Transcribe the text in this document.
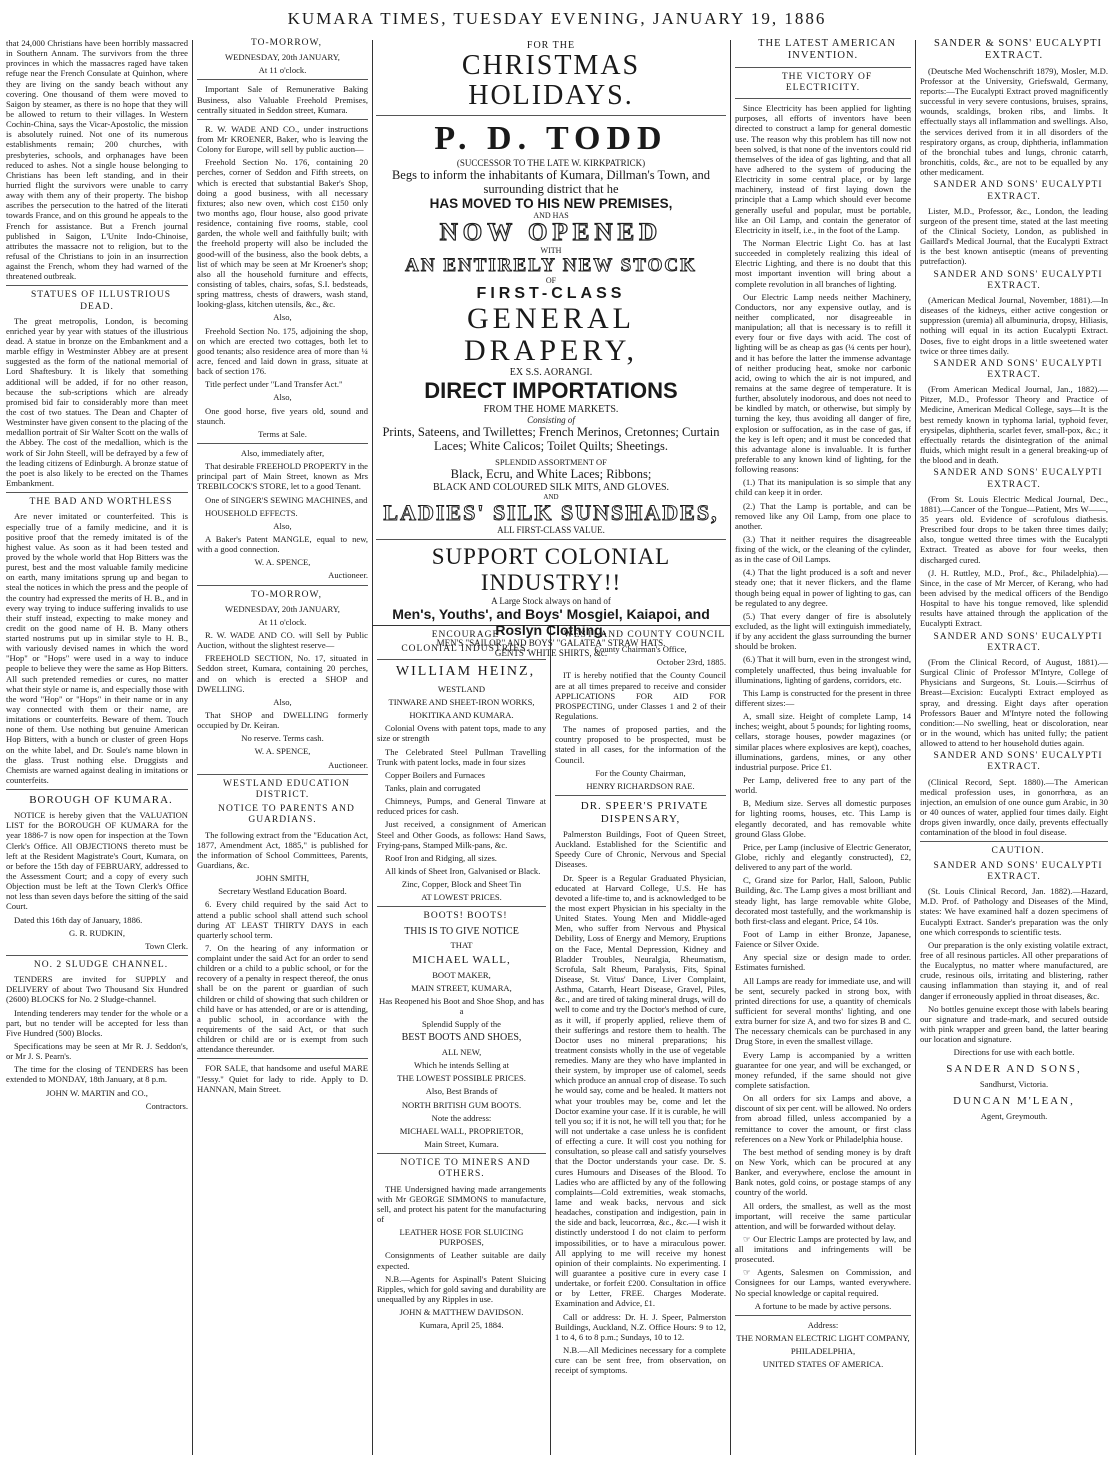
KUMARA TIMES, TUESDAY EVENING, JANUARY 19, 1886

that 24,000 Christians have been horribly massacred in Southern Annam. The survivors from the three provinces in which the massacres raged have taken refuge near the French Consulate at Quinhon, where they are living on the sandy beach without any covering. One thousand of them were moved to Saigon by steamer, as there is no hope that they will be allowed to return to their villages. In Western Cochin-China, says the Vicar-Apostolic, the mission is absolutely ruined. Not one of its numerous establishments remain; 200 churches, with presbyteries, schools, and orphanages have been reduced to ashes. Not a single house belonging to Christians has been left standing, and in their hurried flight the survivors were unable to carry away with them any of their property. The bishop ascribes the persecution to the hatred of the literati towards France, and on this ground he appeals to the French for assistance. But a French journal published in Saigon, L'Unite Indo-Chinoise, attributes the massacre not to religion, but to the refusal of the Christians to join in an insurrection against the French, whom they had warned of the threatened outbreak.

STATUES OF ILLUSTRIOUS DEAD.

The great metropolis, London, is becoming enriched year by year with statues of the illustrious dead. A statue in bronze on the Embankment and a marble effigy in Westminster Abbey are at present suggested as the form of the national memorial of Lord Shaftesbury. It is likely that something additional will be added, if for no other reason, because the sub-scriptions which are already promised bid fair to considerably more than meet the cost of two statues. The Dean and Chapter of Westminster have given consent to the placing of the medallion portrait of Sir Walter Scott on the walls of the Abbey. The cost of the medallion, which is the work of Sir John Steell, will be defrayed by a few of the leading citizens of Edinburgh. A bronze statue of the poet is also likely to be erected on the Thames Embankment.

THE BAD AND WORTHLESS

Are never imitated or counterfeited. This is especially true of a family medicine, and it is positive proof that the remedy imitated is of the highest value. As soon as it had been tested and proved by the whole world that Hop Bitters was the purest, best and the most valuable family medicine on earth, many imitations sprung up and began to steal the notices in which the press and the people of the country had expressed the merits of H. B., and in every way trying to induce suffering invalids to use their stuff instead, expecting to make money and credit on the good name of H. B. Many others started nostrums put up in similar style to H. B., with variously devised names in which the word "Hop" or "Hops" were used in a way to induce people to believe they were the same as Hop Bitters. All such pretended remedies or cures, no matter what their style or name is, and especially those with the word "Hop" or "Hops" in their name or in any way connected with them or their name, are imitations or counterfeits. Beware of them. Touch none of them. Use nothing but genuine American Hop Bitters, with a bunch or cluster of green Hops on the white label, and Dr. Soule's name blown in the glass. Trust nothing else. Druggists and Chemists are warned against dealing in imitations or counterfeits.

BOROUGH OF KUMARA.

NOTICE is hereby given that the VALUATION LIST for the BOROUGH OF KUMARA for the year 1886-7 is now open for inspection at the Town Clerk's Office. All OBJECTIONS thereto must be left at the Resident Magistrate's Court, Kumara, on or before the 15th day of FEBRUARY, addressed to the Assessment Court; and a copy of every such Objection must be left at the Town Clerk's Office not less than seven days before the sitting of the said Court.

Dated this 16th day of January, 1886.

G. R. RUDKIN,

Town Clerk.

NO. 2 SLUDGE CHANNEL.

TENDERS are invited for SUPPLY and DELIVERY of about Two Thousand Six Hundred (2600) BLOCKS for No. 2 Sludge-channel.

Intending tenderers may tender for the whole or a part, but no tender will be accepted for less than Five Hundred (500) Blocks.

Specifications may be seen at Mr R. J. Seddon's, or Mr J. S. Pearn's.

The time for the closing of TENDERS has been extended to MONDAY, 18th January, at 8 p.m.

JOHN W. MARTIN and CO.,

Contractors.

TO-MORROW,

WEDNESDAY, 20th JANUARY,

At 11 o'clock.

Important Sale of Remunerative Baking Business, also Valuable Freehold Premises, centrally situated in Seddon street, Kumara.

R. W. WADE AND CO., under instructions from Mr KROENER, Baker, who is leaving the Colony for Europe, will sell by public auction—

Freehold Section No. 176, containing 20 perches, corner of Seddon and Fifth streets, on which is erected that substantial Baker's Shop, doing a good business, with all necessary fixtures; also new oven, which cost £150 only two months ago, flour house, also good private residence, containing five rooms, stable, cool garden, the whole well and faithfully built; with the freehold property will also be included the good-will of the business, also the book debts, a list of which may be seen at Mr Kroener's shop; also all the household furniture and effects, consisting of tables, chairs, sofas, S.I. bedsteads, spring mattress, chests of drawers, wash stand, looking-glass, kitchen utensils, &c., &c.

Also,

Freehold Section No. 175, adjoining the shop, on which are erected two cottages, both let to good tenants; also residence area of more than ¼ acre, fenced and laid down in grass, situate at back of section 176.

Title perfect under "Land Transfer Act."

Also,

One good horse, five years old, sound and staunch.

Terms at Sale.

Also, immediately after,

That desirable FREEHOLD PROPERTY in the principal part of Main Street, known as Mrs TREBILCOCK'S STORE, let to a good Tenant.

One of SINGER'S SEWING MACHINES, and

HOUSEHOLD EFFECTS.

Also,

A Baker's Patent MANGLE, equal to new, with a good connection.

W. A. SPENCE,

Auctioneer.

TO-MORROW,

WEDNESDAY, 20th JANUARY,

At 11 o'clock.

R. W. WADE AND CO. will Sell by Public Auction, without the slightest reserve—

FREEHOLD SECTION, No. 17, situated in Seddon street, Kumara, containing 20 perches, and on which is erected a SHOP and DWELLING.

Also,

That SHOP and DWELLING formerly occupied by Dr. Keiran.

No reserve. Terms cash.

W. A. SPENCE,

Auctioneer.

WESTLAND EDUCATION DISTRICT.

NOTICE TO PARENTS AND GUARDIANS.

The following extract from the "Education Act, 1877, Amendment Act, 1885," is published for the information of School Committees, Parents, Guardians, &c.

JOHN SMITH,

Secretary Westland Education Board.

6. Every child required by the said Act to attend a public school shall attend such school during AT LEAST THIRTY DAYS in each quarterly school term.

7. On the hearing of any information or complaint under the said Act for an order to send children or a child to a public school, or for the recovery of a penalty in respect thereof, the onus shall be on the parent or guardian of such children or child of showing that such children or child have or has attended, or are or is attending, a public school, in accordance with the requirements of the said Act, or that such children or child are or is exempt from such attendance thereunder.

FOR SALE, that handsome and useful MARE "Jessy." Quiet for lady to ride. Apply to D. HANNAN, Main Street.

FOR THE

CHRISTMAS HOLIDAYS.

P. D. TODD

(SUCCESSOR TO THE LATE W. KIRKPATRICK)

Begs to inform the inhabitants of Kumara, Dillman's Town, and surrounding district that he

HAS MOVED TO HIS NEW PREMISES,

AND HAS

NOW OPENED

WITH

AN ENTIRELY NEW STOCK

OF

FIRST-CLASS

GENERAL DRAPERY,

EX S.S. AORANGI.

DIRECT IMPORTATIONS

FROM THE HOME MARKETS.

Consisting of

Prints, Sateens, and Twillettes; French Merinos, Cretonnes; Curtain Laces; White Calicos; Toilet Quilts; Sheetings.

SPLENDID ASSORTMENT OF

Black, Ecru, and White Laces; Ribbons;

BLACK AND COLOURED SILK MITS, AND GLOVES.

AND

LADIES' SILK SUNSHADES,

ALL FIRST-CLASS VALUE.

SUPPORT COLONIAL INDUSTRY!!

A Large Stock always on hand of

Men's, Youths', and Boys' Mosgiel, Kaiapoi, and Roslyn Clothing.

MEN'S "SAILOR" AND BOYS' "GALATEA" STRAW HATS.

GENTS' WHITE SHIRTS, &c.

ENCOURAGE

COLONIAL INDUSTRIES.

WILLIAM HEINZ,

WESTLAND

TINWARE AND SHEET-IRON WORKS,

HOKITIKA AND KUMARA.

Colonial Ovens with patent tops, made to any size or strength

The Celebrated Steel Pullman Travelling Trunk with patent locks, made in four sizes

Copper Boilers and Furnaces

Tanks, plain and corrugated

Chimneys, Pumps, and General Tinware at reduced prices for cash.

Just received, a consignment of American Steel and Other Goods, as follows: Hand Saws, Frying-pans, Stamped Milk-pans, &c.

Roof Iron and Ridging, all sizes.

All kinds of Sheet Iron, Galvanised or Black.

Zinc, Copper, Block and Sheet Tin

AT LOWEST PRICES.

BOOTS! BOOTS!

THIS IS TO GIVE NOTICE

THAT

MICHAEL WALL,

BOOT MAKER,

MAIN STREET, KUMARA,

Has Reopened his Boot and Shoe Shop, and has a

Splendid Supply of the

BEST BOOTS AND SHOES,

ALL NEW,

Which he intends Selling at

THE LOWEST POSSIBLE PRICES.

Also, Best Brands of

NORTH BRITISH GUM BOOTS.

Note the address:

MICHAEL WALL, PROPRIETOR,

Main Street, Kumara.

NOTICE TO MINERS AND OTHERS.

THE Undersigned having made arrangements with Mr GEORGE SIMMONS to manufacture, sell, and protect his patent for the manufacturing of

LEATHER HOSE FOR SLUICING PURPOSES,

Consignments of Leather suitable are daily expected.

N.B.—Agents for Aspinall's Patent Sluicing Ripples, which for gold saving and durability are unequalled by any Ripples in use.

JOHN & MATTHEW DAVIDSON.

Kumara, April 25, 1884.

WESTLAND COUNTY COUNCIL

County Chairman's Office,

October 23rd, 1885.

IT is hereby notified that the County Council are at all times prepared to receive and consider APPLICATIONS FOR AID FOR PROSPECTING, under Classes 1 and 2 of their Regulations.

The names of proposed parties, and the country proposed to be prospected, must be stated in all cases, for the information of the Council.

For the County Chairman,

HENRY RICHARDSON RAE.

DR. SPEER'S PRIVATE DISPENSARY,

Palmerston Buildings, Foot of Queen Street, Auckland. Established for the Scientific and Speedy Cure of Chronic, Nervous and Special Diseases.

Dr. Speer is a Regular Graduated Physician, educated at Harvard College, U.S. He has devoted a life-time to, and is acknowledged to be the most expert Physician in his specialty in the United States. Young Men and Middle-aged Men, who suffer from Nervous and Physical Debility, Loss of Energy and Memory, Eruptions on the Face, Mental Depression, Kidney and Bladder Troubles, Neuralgia, Rheumatism, Scrofula, Salt Rheum, Paralysis, Fits, Spinal Disease, St. Vitus' Dance, Liver Complaint, Asthma, Catarrh, Heart Disease, Gravel, Piles, &c., and are tired of taking mineral drugs, will do well to come and try the Doctor's method of cure, as it will, if properly applied, relieve them of their sufferings and restore them to health. The Doctor uses no mineral preparations; his treatment consists wholly in the use of vegetable remedies. Many are they who have implanted in their system, by improper use of calomel, seeds which produce an annual crop of disease. To such he would say, come and be healed. It matters not what your troubles may be, come and let the Doctor examine your case. If it is curable, he will tell you so; if it is not, he will tell you that; for he will not undertake a case unless he is confident of effecting a cure. It will cost you nothing for consultation, so please call and satisfy yourselves that the Doctor understands your case. Dr. S. cures Humours and Diseases of the Blood. To Ladies who are afflicted by any of the following complaints—Cold extremities, weak stomachs, lame and weak backs, nervous and sick headaches, constipation and indigestion, pain in the side and back, leucorrœa, &c., &c.—I wish it distinctly understood I do not claim to perform impossibilities, or to have a miraculous power. All applying to me will receive my honest opinion of their complaints. No experimenting. I will guarantee a positive cure in every case I undertake, or forfeit £200. Consultation in office or by Letter, FREE. Charges Moderate. Examination and Advice, £1.

Call or address: Dr. H. J. Speer, Palmerston Buildings, Auckland, N.Z. Office Hours: 9 to 12, 1 to 4, 6 to 8 p.m.; Sundays, 10 to 12.

N.B.—All Medicines necessary for a complete cure can be sent free, from observation, on receipt of symptoms.

THE LATEST AMERICAN INVENTION.

THE VICTORY OF ELECTRICITY.

Since Electricity has been applied for lighting purposes, all efforts of inventors have been directed to construct a lamp for general domestic use. The reason why this problem has till now not been solved, is that none of the inventors could rid themselves of the idea of gas lighting, and that all have adhered to the system of producing the Electricity in some central place, or by large machinery, instead of first laying down the principle that a Lamp which should ever become generally useful and popular, must be portable, like an Oil Lamp, and contain the generator of Electricity in itself, i.e., in the foot of the Lamp.

The Norman Electric Light Co. has at last succeeded in completely realizing this ideal of Electric Lighting, and there is no doubt that this most important invention will bring about a complete revolution in all branches of lighting.

Our Electric Lamp needs neither Machinery, Conductors, nor any expensive outlay, and is neither complicated, nor disagreeable in manipulation; all that is necessary is to refill it every four or five days with acid. The cost of lighting will be as cheap as gas (¼ cents per hour), and it has before the latter the immense advantage of neither producing heat, smoke nor carbonic acid, owing to which the air is not impured, and remains at the same degree of temperature. It is further, absolutely inodorous, and does not need to be kindled by match, or otherwise, but simply by turning the key, thus avoiding all danger of fire, explosion or suffocation, as in the case of gas, if the key is left open; and it must be conceded that this advantage alone is invaluable. It is further preferable to any known kind of lighting, for the following reasons:

(1.) That its manipulation is so simple that any child can keep it in order.

(2.) That the Lamp is portable, and can be removed like any Oil Lamp, from one place to another.

(3.) That it neither requires the disagreeable fixing of the wick, or the cleaning of the cylinder, as in the case of Oil Lamps.

(4.) That the light produced is a soft and never steady one; that it never flickers, and the flame though being equal in power of lighting to gas, can be regulated to any degree.

(5.) That every danger of fire is absolutely excluded, as the light will extinguish immediately, if by any accident the glass surrounding the burner should be broken.

(6.) That it will burn, even in the strongest wind, completely unaffected, thus being invaluable for illuminations, lighting of gardens, corridors, etc.

This Lamp is constructed for the present in three different sizes:—

A, small size. Height of complete Lamp, 14 inches; weight, about 5 pounds; for lighting rooms, cellars, storage houses, powder magazines (or similar places where explosives are kept), coaches, illuminations, gardens, mines, or any other industrial purpose. Price £1.

Per Lamp, delivered free to any part of the world.

B, Medium size. Serves all domestic purposes for lighting rooms, houses, etc. This Lamp is elegantly decorated, and has removable white ground Glass Globe.

Price, per Lamp (inclusive of Electric Generator, Globe, richly and elegantly constructed), £2, delivered to any part of the world.

C, Grand size for Parlor, Hall, Saloon, Public Building, &c. The Lamp gives a most brilliant and steady light, has large removable white Globe, decorated most tastefully, and the workmanship is both first-class and elegant. Price, £4 10s.

Foot of Lamp in either Bronze, Japanese, Faience or Silver Oxide.

Any special size or design made to order. Estimates furnished.

All Lamps are ready for immediate use, and will be sent, securely packed in strong box, with printed directions for use, a quantity of chemicals sufficient for several months' lighting, and one extra burner for size A, and two for sizes B and C. The necessary chemicals can be purchased in any Drug Store, in even the smallest village.

Every Lamp is accompanied by a written guarantee for one year, and will be exchanged, or money refunded, if the same should not give complete satisfaction.

On all orders for six Lamps and above, a discount of six per cent. will be allowed. No orders from abroad filled, unless accompanied by a remittance to cover the amount, or first class references on a New York or Philadelphia house.

The best method of sending money is by draft on New York, which can be procured at any Banker, and everywhere, enclose the amount in Bank notes, gold coins, or postage stamps of any country of the world.

All orders, the smallest, as well as the most important, will receive the same particular attention, and will be forwarded without delay.

☞ Our Electric Lamps are protected by law, and all imitations and infringements will be prosecuted.

☞ Agents, Salesmen on Commission, and Consignees for our Lamps, wanted everywhere. No special knowledge or capital required.

A fortune to be made by active persons.

Address:

THE NORMAN ELECTRIC LIGHT COMPANY,

PHILADELPHIA,

UNITED STATES OF AMERICA.

SANDER & SONS' EUCALYPTI EXTRACT.

(Deutsche Med Wochenschrift 1879), Mosler, M.D. Professor at the University, Griefswald, Germany, reports:—The Eucalypti Extract proved magnificently successful in very severe contusions, bruises, sprains, wounds, scaldings, broken ribs, and limbs. It effectually stays all inflammation and swellings. Also, the services derived from it in all disorders of the respiratory organs, as croup, diphtheria, inflammation of the bronchial tubes and lungs, chronic catarrh, bronchitis, colds, &c., are not to be equalled by any other medicament.

SANDER AND SONS' EUCALYPTI EXTRACT.

Lister, M.D., Professor, &c., London, the leading surgeon of the present time, stated at the last meeting of the Clinical Society, London, as published in Gaillard's Medical Journal, that the Eucalypti Extract is the best known antiseptic (means of preventing putrefaction).

SANDER AND SONS' EUCALYPTI EXTRACT.

(American Medical Journal, November, 1881).—In diseases of the kidneys, either active congestion or suppression (uremia) all albuminuria, dropsy, Hiliasis, nothing will equal in its action Eucalypti Extract. Doses, five to eight drops in a little sweetened water twice or three times daily.

SANDER AND SONS' EUCALYPTI EXTRACT.

(From American Medical Journal, Jan., 1882).—Pitzer, M.D., Professor Theory and Practice of Medicine, American Medical College, says—It is the best remedy known in typhoma larial, typhoid fever, erysipelas, diphtheria, scarlet fever, small-pox, &c.; it effectually retards the disintegration of the animal fluids, which might result in a general breaking-up of the blood and in death.

SANDER AND SONS' EUCALYPTI EXTRACT.

(From St. Louis Electric Medical Journal, Dec., 1881).—Cancer of the Tongue—Patient, Mrs W——, 35 years old. Evidence of scrofulous diathesis. Prescribed four drops to be taken three times daily; also, tongue wetted three times with the Eucalypti Extract. Treated as above for four weeks, then discharged cured.

(J. H. Ruttley, M.D., Prof., &c., Philadelphia).—Since, in the case of Mr Mercer, of Kerang, who had been advised by the medical officers of the Bendigo Hospital to have his tongue removed, like splendid results have attained through the application of the Eucalypti Extract.

SANDER AND SONS' EUCALYPTI EXTRACT.

(From the Clinical Record, of August, 1881).—Surgical Clinic of Professor M'Intyre, College of Physicians and Surgeons, St. Louis.—Scirrhus of Breast—Excision: Eucalypti Extract employed as spray, and dressing. Eight days after operation Professors Bauer and M'Intyre noted the following condition:—No swelling, heat or discoloration, near or in the wound, which has united fully; the patient allowed to attend to her household duties again.

SANDER AND SONS' EUCALYPTI EXTRACT.

(Clinical Record, Sept. 1880).—The American medical profession uses, in gonorrhœa, as an injection, an emulsion of one ounce gum Arabic, in 30 or 40 ounces of water, applied four times daily. Eight drops given inwardly, once daily, prevents effectually contamination of the blood in foul disease.

CAUTION.

SANDER AND SONS' EUCALYPTI EXTRACT.

(St. Louis Clinical Record, Jan. 1882).—Hazard, M.D. Prof. of Pathology and Diseases of the Mind, states: We have examined half a dozen specimens of Eucalypti Extract. Sander's preparation was the only one which corresponds to scientific tests.

Our preparation is the only existing volatile extract, free of all resinous particles. All other preparations of the Eucalyptus, no matter where manufactured, are crude, resinous oils, irritating and blistering, rather causing inflammation than staying it, and of real danger if erroneously applied in throat diseases, &c.

No bottles genuine except those with labels bearing our signature and trade-mark, and secured outside with pink wrapper and green band, the latter bearing our location and signature.

Directions for use with each bottle.

SANDER AND SONS,

Sandhurst, Victoria.

DUNCAN M'LEAN,

Agent, Greymouth.
